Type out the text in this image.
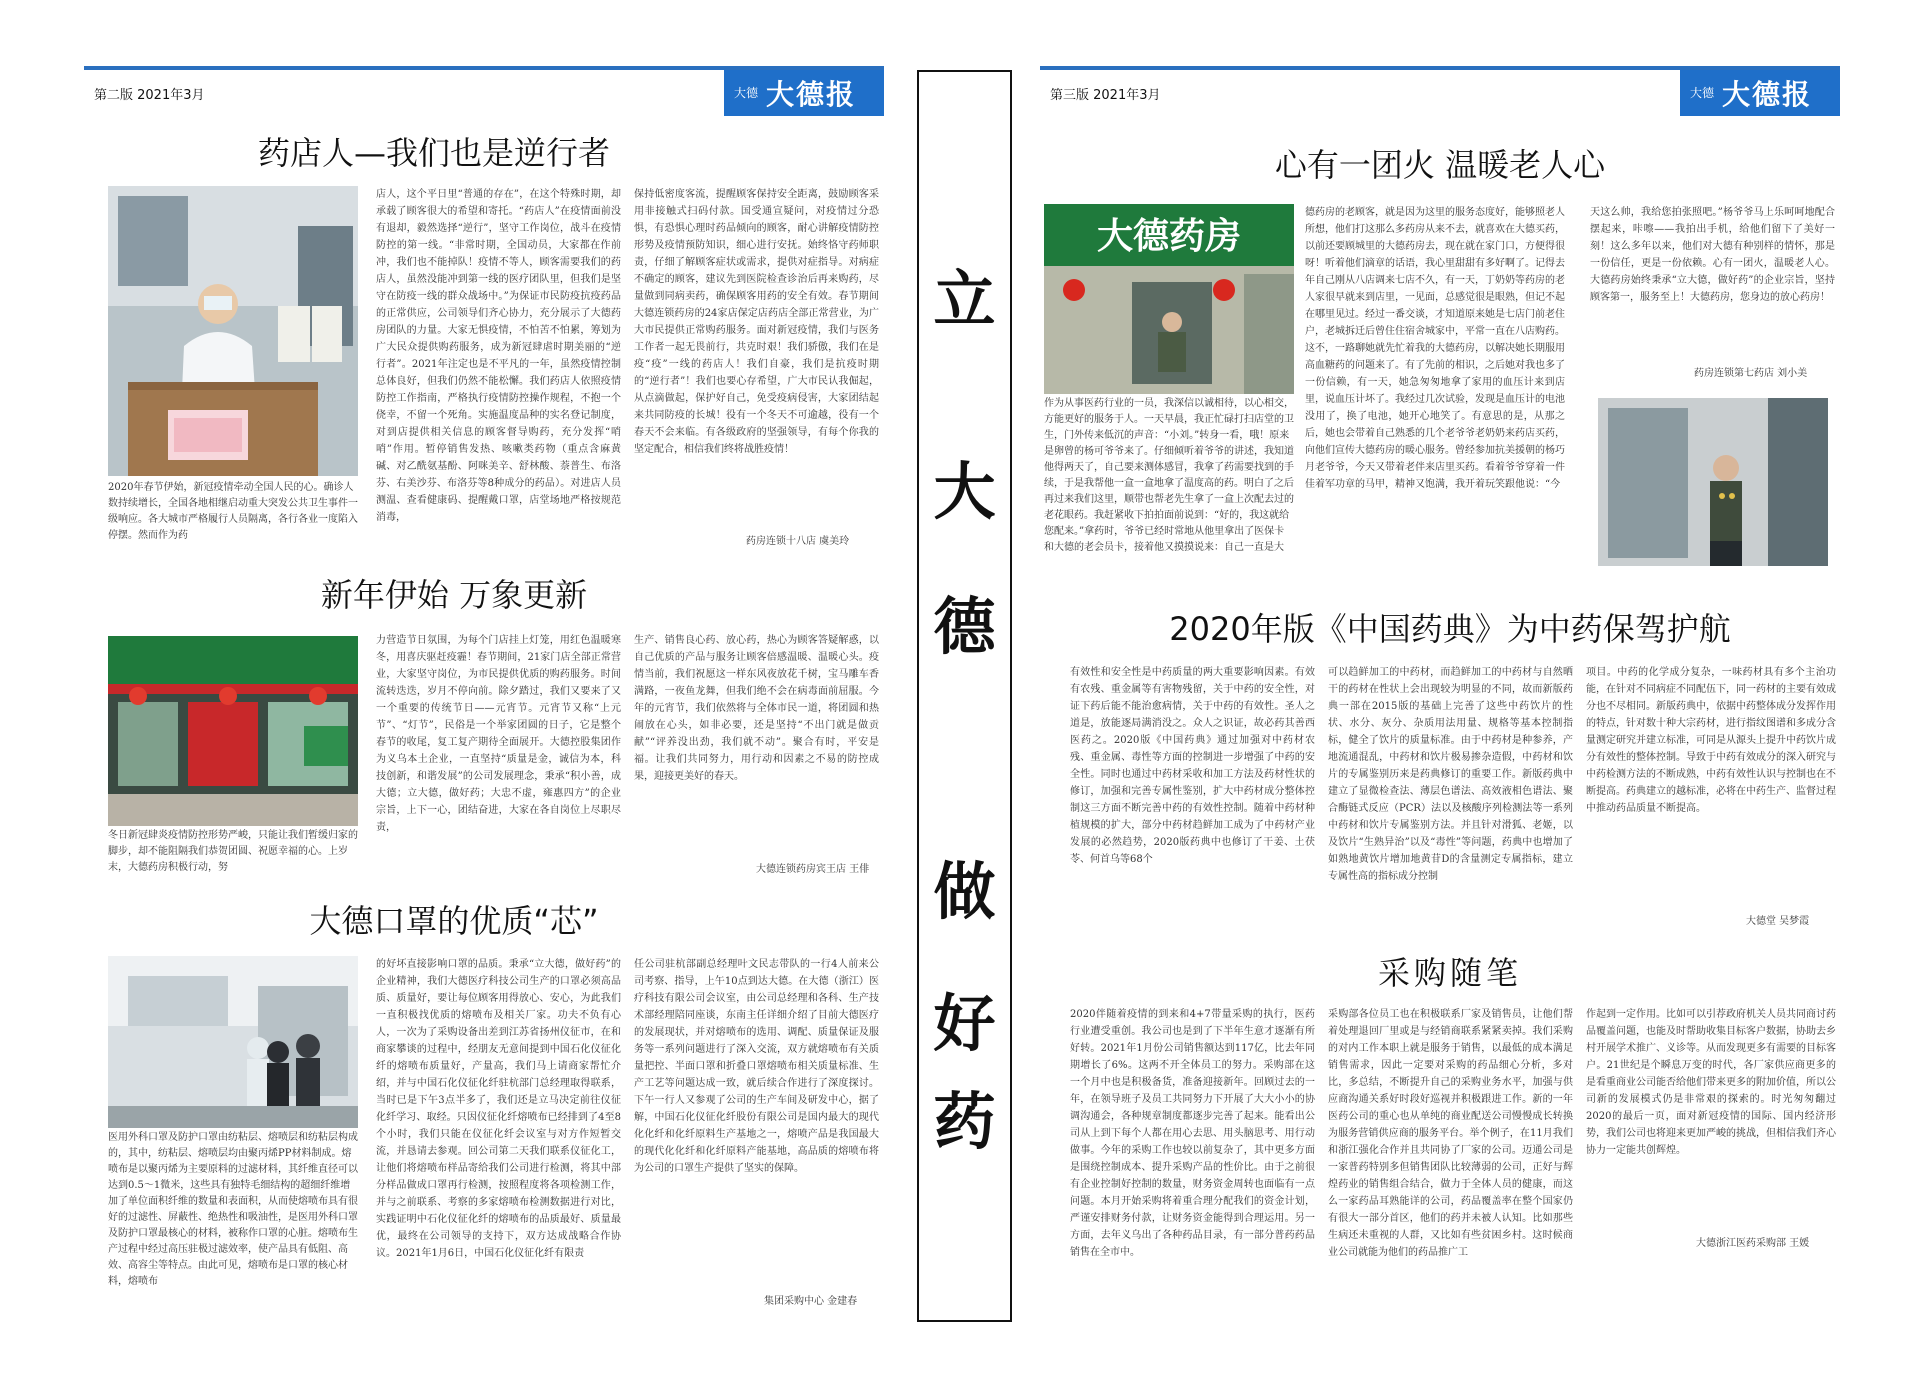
第二版 2021年3月	大德 大德报
药店人—我们也是逆行者
2020年春节伊始，新冠疫情牵动全国人民的心。确诊人数持续增长，全国各地相继启动重大突发公共卫生事件一级响应。各大城市严格履行人员隔离，各行各业一度陷入停摆。然而作为药
店人，这个平日里“普通的存在”，在这个特殊时期，却承载了顾客很大的希望和寄托。“药店人”在疫情面前没有退却，毅然选择“逆行”，坚守工作岗位，战斗在疫情防控的第一线。“非常时期，全国动员，大家都在作前冲，我们也不能掉队！疫情不等人，顾客需要我们的药店人，虽然没能冲到第一线的医疗团队里，但我们是坚守在防疫一线的群众战场中。”为保证市民防疫抗疫药品的正常供应，公司领导们齐心协力，充分展示了大德药房团队的力量。大家无惧疫情，不怕苦不怕累，筹划为广大民众提供购药服务，成为新冠肆虐时期美丽的“逆行者”。2021年注定也是不平凡的一年，虽然疫情控制总体良好，但我们仍然不能松懈。我们药店人依照疫情防控工作指南，严格执行疫情防控操作规程，不抱一个侥幸，不留一个死角。实施温度品种的实名登记制度，对到店提供相关信息的顾客督导购药，充分发挥“哨哨”作用。暂停销售发热、咳嗽类药物（重点含麻黄碱、对乙酰氨基酚、阿咪美辛、舒林酸、萘普生、布洛芬、右美沙芬、布洛芬等8种成分的药品）。对进店人员测温、查看健康码、提醒戴口罩，店堂场地严格按规范消毒，
保持低密度客流，提醒顾客保持安全距离，鼓励顾客采用非接触式扫码付款。国受通宣疑问，对疫情过分恐惧，有恐惧心理时药品倾向的顾客，耐心讲解疫情防控形势及疫情预防知识，细心进行安抚。始终恪守药师职责，仔细了解顾客症状或需求，提供对症指导。对病症不确定的顾客，建议先到医院检查诊治后再来购药，尽量做到同病卖药，确保顾客用药的安全有效。春节期间大德连锁药房的24家店保定店药店全部正常营业，为广大市民提供正常购药服务。面对新冠疫情，我们与医务工作者一起无畏前行，共克时艰！我们骄傲，我们在是疫“疫”一线的药店人！我们自豪，我们是抗疫时期的“逆行者”！我们也要心存希望，广大市民认我倔起，从点滴做起，保护好自己，免受疫病侵害，大家团结起来共同防疫的长城！役有一个冬天不可逾越，役有一个春天不会来临。有各级政府的坚强领导，有每个你我的坚定配合，相信我们终将战胜疫情！
药房连锁十八店 虞美玲
新年伊始 万象更新
冬日新冠肆炎疫情防控形势严峻，只能让我们暂缓归家的脚步，却不能阻隔我们恭贺团圆、祝愿幸福的心。上岁末，大德药房积极行动，努
力营造节日氛围，为每个门店挂上灯笼，用红色温暖寒冬，用喜庆驱赶疫霾！春节期间，21家门店全部正常营业，大家坚守岗位，为市民提供优质的购药服务。时间流转迭迭，岁月不停向前。除夕踏过，我们又要来了又一个重要的传统节日——元宵节。元宵节又称“上元节”、“灯节”，民俗是一个举家团圆的日子，它是整个春节的收尾，复工复产期待全面展开。大德控股集团作为义乌本土企业，一直坚持“质量是金，诚信为本，科技创新，和谐发展”的公司发展理念，秉承“积小善，成大德；立大德，做好药；大忠不虚，雍惠四方”的企业宗旨，上下一心，团结奋进，大家在各自岗位上尽职尽责，
生产、销售良心药、放心药，热心为顾客答疑解惑，以自己优质的产品与服务让顾客倍感温暖、温暖心头。疫情当前，我们祝愿这一样东风夜放花千树，宝马雕车香满路，一夜鱼龙舞，但我们绝不会在病毒面前屈服。今年的元宵节，我们依然将与全体市民一道，将团圆和热闹放在心头，如非必要，还是坚持“不出门就是做贡献”“评养没出劲，我们就不动”。聚合有时，平安是福。让我们共同努力，用行动和因素之不易的防控成果，迎接更美好的春天。
大德连锁药房宾王店 王俳
大德口罩的优质“芯”
医用外科口罩及防护口罩由纺粘层、熔喷层和纺粘层构成的，其中，纺粘层、熔喷层均由聚丙烯PP材料制成。熔喷布是以聚丙烯为主要原料的过滤材料，其纤维直径可以达到0.5～1微米，这些具有独特毛细结构的超细纤维增加了单位面积纤维的数量和表面积，从而使熔喷布具有很好的过滤性、屏蔽性、绝热性和吸油性，是医用外科口罩及防护口罩最核心的材料，被称作口罩的心脏。熔喷布生产过程中经过高压驻极过滤效率，使产品具有低阻、高效、高容尘等特点。由此可见，熔喷布是口罩的核心材料，熔喷布
的好坏直接影响口罩的品质。秉承“立大德，做好药”的企业精神，我们大德医疗科技公司生产的口罩必须高品质、质量好，要让每位顾客用得放心、安心，为此我们一直积极找优质的熔喷布及相关厂家。功夫不负有心人，一次为了采购设备出差到江苏省扬州仪征市，在和商家攀谈的过程中，经朋友无意间提到中国石化仪征化纤的熔喷布质量好，产量高，我们马上请商家帮忙介绍，并与中国石化仪征化纤驻杭部门总经理取得联系，当时已是下午3点半多了，我们还是立马决定前往仪征化纤学习、取经。只因仪征化纤熔喷布已经排到了4至8个小时，我们只能在仪征化纤会议室与对方作短暂交流，并恳请去参观。回公司第二天我们联系仪征化工，让他们将熔喷布样品寄给我们公司进行检测，将其中部分样品做成口罩再行检测，按照程度将各项检测工作，并与之前联系、考察的多家熔喷布检测数据进行对比，实践证明中石化仪征化纤的熔喷布的品质最好、质量最优，最终在公司领导的支持下，双方达成战略合作协议。2021年1月6日，中国石化仪征化纤有限责
任公司驻杭部副总经理叶文民志带队的一行4人前来公司考察、指导，上午10点到达大德。在大德（浙江）医疗科技有限公司会议室，由公司总经理和各科、生产技术部经理陪同座谈，东南主任详细介绍了目前大德医疗的发展现状，并对熔喷布的选用、调配、质量保证及服务等一系列问题进行了深入交流，双方就熔喷布有关质量把控、半面口罩和折叠口罩熔喷布相关质量标准、生产工艺等问题达成一致，就后续合作进行了深度探讨。下午一行人又参观了公司的生产车间及研发中心，据了解，中国石化仪征化纤股份有限公司是国内最大的现代化化纤和化纤原料生产基地之一，熔喷产品是我国最大的现代化化纤和化纤原料产能基地，高品质的熔喷布将为公司的口罩生产提供了坚实的保障。
集团采购中心 金建春
立
大
德
做
好
药
第三版 2021年3月	大德 大德报
心有一团火 温暖老人心
大德药房
作为从事医药行业的一员，我深信以诚相待，以心相交，方能更好的服务于人。一天早晨，我正忙碌打扫店堂的卫生，门外传来低沉的声音：“小刘。”转身一看，哦！原来是卵曾的杨可爷爷来了。仔细倾听着爷爷的讲述，我知道他得两天了，自己要来测体感冒，我拿了药需要找到的手续，于是我帮他一盒一盒地拿了温度高的药。明白了之后再过来我们这里，顺带也帮老先生拿了一盒上次配去过的老花眼药。我赶紧收下拍拍面前说到：“好的，我这就给您配来。”拿药时，爷爷已经时常地从他里拿出了医保卡和大德的老会员卡，接着他又摸摸说来：自己一直是大
德药房的老顾客，就是因为这里的服务态度好，能够照老人所想，他们打这那么多药房从来不去，就喜欢在大德买药，以前还要顾城里的大德药房去，现在就在家门口，方便得很呀！听着他们滴章的话语，我心里甜甜有多好啊了。记得去年自己刚从八店调来七店不久，有一天，丁奶奶等药房的老人家很早就来到店里，一见面，总感觉很是眼熟，但记不起在哪里见过。经过一番交谈，才知道原来她是七店门前老住户，老城拆迁后曾住住宿舍城家中，平常一直在八店购药。这不，一路聊她就先忙着我的大德药房，以解决她长期服用高血糖药的问题来了。有了先前的相识，之后她对我也多了一份信赖，有一天，她急匆匆地拿了家用的血压计来到店里，说血压计坏了。我经过几次试验，发现是血压计的电池没用了，换了电池，她开心地笑了。有意思的是，从那之后，她也会带着自己熟悉的几个老爷爷老奶奶来药店买药，向他们宣传大德药房的暖心服务。曾经参加抗美援朝的杨巧月老爷爷，今天又带着老伴来店里买药。看着爷爷穿着一件佳着军功章的马甲，精神又饱满，我开着玩笑跟他说：“今
天这么帅，我给您拍张照吧。”杨爷爷马上乐呵呵地配合摆起来，咔嚓——我拍出手机，给他们留下了美好一刻！这么多年以来，他们对大德有种别样的情怀，那是一份信任，更是一份依赖。心有一团火，温暖老人心。大德药房始终秉承“立大德，做好药”的企业宗旨，坚持顾客第一，服务至上！大德药房，您身边的放心药房！
药房连锁第七药店 刘小美
2020年版《中国药典》为中药保驾护航
有效性和安全性是中药质量的两大重要影响因素。有效有农残、重金属等有害物残留，关于中药的安全性，对证下药后能不能治愈病情，关于中药的有效性。圣人之道是，放能逐局满消没之。众人之识证，故必药其善西医药之。2020版《中国药典》通过加强对中药材农残、重金属、毒性等方面的控制进一步增强了中药的安全性。同时也通过中药材采收和加工方法及药材性状的修订，加强和完善专属性鉴别，扩大中药材成分整体控制这三方面不断完善中药的有效性控制。随着中药材种植规模的扩大，部分中药材趋鲜加工成为了中药材产业发展的必然趋势，2020版药典中也修订了干姜、土茯苓、何首乌等68个
可以趋鲜加工的中药材，而趋鲜加工的中药材与自然晒干的药材在性状上会出现较为明显的不同，故而新版药典一部在2015版的基础上完善了这些中药饮片的性状、水分、灰分、杂质用法用量、规格等基本控制指标，健全了饮片的质量标准。由于中药材是种参养，产地流通混乱，中药材和饮片极易掺杂造假，中药材和饮片的专属鉴别历来是药典修订的重要工作。新版药典中建立了显微检查法、薄层色谱法、高效液相色谱法、聚合酶链式反应（PCR）法以及核酸序列检测法等一系列中药材和饮片专属鉴别方法。并且针对滑狐、老姬，以及饮片“生熟异治”以及“毒性”等问题，药典中也增加了如熟地黄饮片增加地黄苷D的含量测定专属指标，建立专属性高的指标成分控制
项目。中药的化学成分复杂，一味药材具有多个主治功能，在针对不同病症不同配伍下，同一药材的主要有效成分也不尽相同。新版药典中，依据中药整体成分发挥作用的特点，针对数十种大宗药材，进行指纹图谱和多成分含量测定研究并建立标准，可同是从源头上提升中药饮片成分有效性的整体控制。导致于中药有效成分的深入研究与中药检测方法的不断成熟，中药有效性认识与控制也在不断提高。药典建立的越标准，必将在中药生产、监督过程中推动药品质量不断提高。
大德堂 吴梦霞
采购随笔
2020伴随着疫情的到来和4+7带量采购的执行，医药行业遭受重创。我公司也是到了下半年生意才逐渐有所好转。2021年1月份公司销售额达到117亿，比去年同期增长了6%。这两不开全体员工的努力。采购部在这一个月中也是积极备货，准备迎接新年。回顾过去的一年，在领导班子及员工共同努力下开展了大大小小的协调沟通会，各种规章制度都逐步完善了起来。能看出公司从上到下每个人都在用心去思、用头脑思考、用行动做事。今年的采购工作也较以前复杂了，其中更多方面是围绕控制成本、提升采购产品的性价比。由于之前很有企业控制好控制的数量，财务资金周转也面临有一点问题。本月开始采购将着重合理分配我们的资金计划，严谨安排财务付款，让财务资金能得到合理运用。另一方面，去年义乌出了各种药品目录，有一部分普药药品销售在全市中。
采购部各位员工也在积极联系厂家及销售员，让他们帮着处理退回厂里或是与经销商联系紧紧卖掉。我们采购的对内工作本职上就是服务于销售，以最低的成本满足销售需求，因此一定要对采购的药品细心分析，多对比，多总结，不断提升自己的采购业务水平，加强与供应商沟通关系好时段好巡视并积极跟进工作。新的一年医药公司的重心也从单纯的商业配送公司慢慢成长转换为服务营销供应商的服务平台。举个例子，在11月我们和浙江强化合作并且共同协了厂家的公司。迈通公司是一家普药特别多但销售团队比较薄弱的公司，正好与辉煌药业的销售组合结合，做力于全体人员的健康，而这么一家药品耳熟能详的公司，药品覆盖率在整个国家仍有很大一部分首区，他们的药并未被人认知。比如那些生病还未重视的人群，又比如有些贫困乡村。这时候商业公司就能为他们的药品推广工
作起到一定作用。比如可以引荐政府机关人员共同商讨药品覆盖问题，也能及时帮助收集目标客户数据，协助去乡村开展学术推广、义诊等。从而发现更多有需要的目标客户。21世纪是个瞬息万变的时代，各厂家供应商更多的是看重商业公司能否给他们带来更多的附加价值，所以公司新的发展模式仍是非常艰的探索的。时光匆匆翻过2020的最后一页，面对新冠疫情的国际、国内经济形势，我们公司也将迎来更加严峻的挑战，但相信我们齐心协力一定能共创辉煌。
大德浙江医药采购部 王媛
